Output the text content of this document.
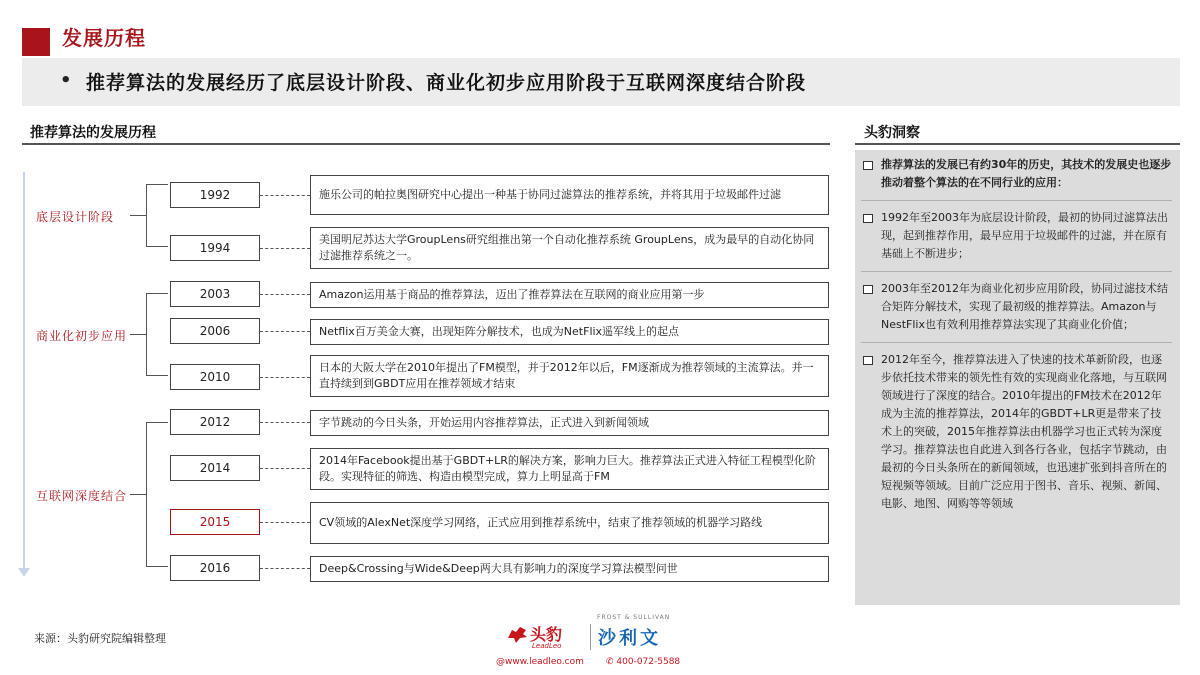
发展历程
• 推荐算法的发展经历了底层设计阶段、商业化初步应用阶段于互联网深度结合阶段
推荐算法的发展历程	头豹洞察
底层设计阶段
商业化初步应用
互联网深度结合
1992	施乐公司的帕拉奥图研究中心提出一种基于协同过滤算法的推荐系统，并将其用于垃圾邮件过滤
1994
美国明尼苏达大学GroupLens研究组推出第一个自动化推荐系统 GroupLens，成为最早的自动化协同过滤推荐系统之一。
2003	Amazon运用基于商品的推荐算法，迈出了推荐算法在互联网的商业应用第一步
2006	Netflix百万美金大赛，出现矩阵分解技术，也成为NetFlix遥军线上的起点
2010
日本的大阪大学在2010年提出了FM模型，并于2012年以后，FM逐渐成为推荐领域的主流算法。并一直持续到到GBDT应用在推荐领域才结束
2012	字节跳动的今日头条，开始运用内容推荐算法，正式进入到新闻领域
2014
2014年Facebook提出基于GBDT+LR的解决方案，影响力巨大。推荐算法正式进入特征工程模型化阶段。实现特征的筛选、构造由模型完成，算力上明显高于FM
2015	CV领域的AlexNet深度学习网络，正式应用到推荐系统中，结束了推荐领域的机器学习路线
2016	Deep&Crossing与Wide&Deep两大具有影响力的深度学习算法模型问世
推荐算法的发展已有约30年的历史，其技术的发展史也逐步推动着整个算法的在不同行业的应用：
1992年至2003年为底层设计阶段，最初的协同过滤算法出现，起到推荐作用，最早应用于垃圾邮件的过滤，并在原有基础上不断进步；
2003年至2012年为商业化初步应用阶段，协同过滤技术结合矩阵分解技术，实现了最初级的推荐算法。Amazon与NestFlix也有效利用推荐算法实现了其商业化价值；
2012年至今，推荐算法进入了快速的技术革新阶段，也逐步依托技术带来的领先性有效的实现商业化落地，与互联网领域进行了深度的结合。2010年提出的FM技术在2012年成为主流的推荐算法，2014年的GBDT+LR更是带来了技术上的突破，2015年推荐算法由机器学习也正式转为深度学习。推荐算法也自此进入到各行各业，包括字节跳动，由最初的今日头条所在的新闻领域，也迅速扩张到抖音所在的短视频等领域。目前广泛应用于图书、音乐、视频、新闻、电影、地图、网购等等领域
来源：头豹研究院编辑整理	头豹
LeadLeo
FROST & SULLIVAN
沙利文
@www.leadleo.com ✆ 400-072-5588
